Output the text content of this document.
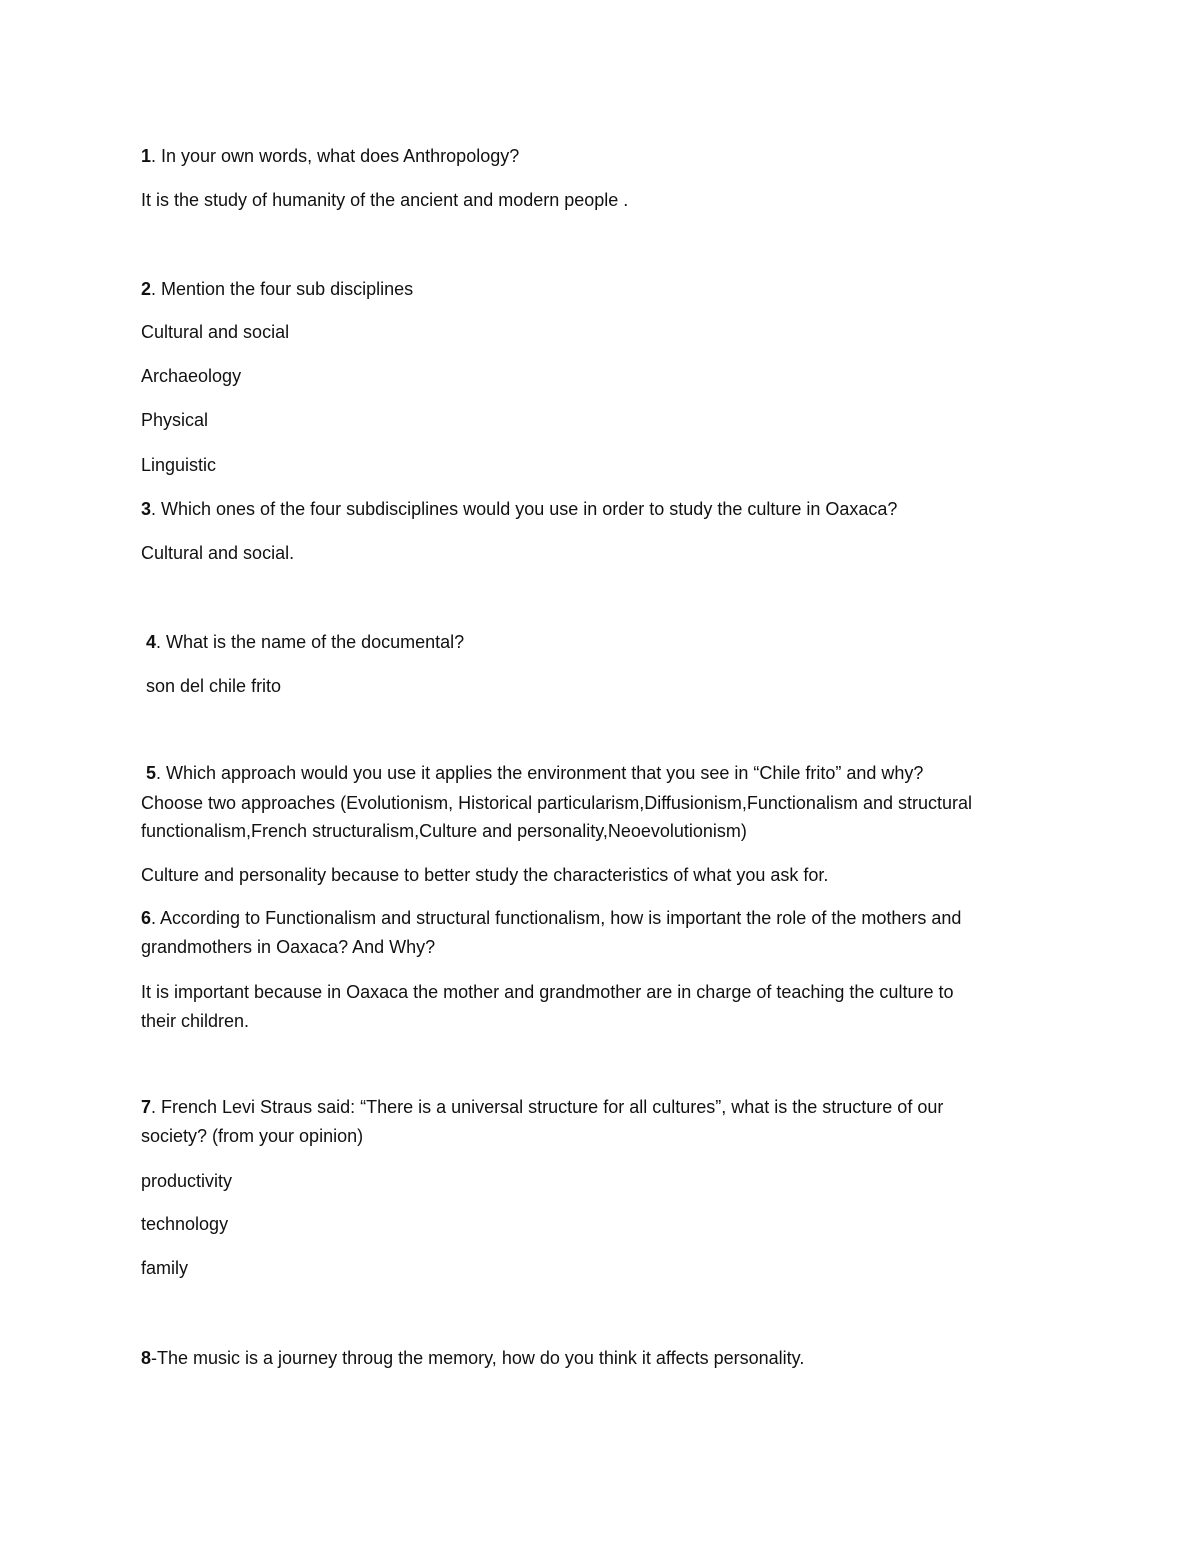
1. In your own words, what does Anthropology?
It is the study of humanity of the ancient and modern people .
2. Mention the four sub disciplines
Cultural and social
Archaeology
Physical
Linguistic
3. Which ones of the four subdisciplines would you use in order to study the culture in Oaxaca?
Cultural and social.
4. What is the name of the documental?
son del chile frito
5. Which approach would you use it applies the environment that you see in “Chile frito” and why?
Choose two approaches (Evolutionism, Historical particularism,Diffusionism,Functionalism and structural
functionalism,French structuralism,Culture and personality,Neoevolutionism)
Culture and personality because to better study the characteristics of what you ask for.
6. According to Functionalism and structural functionalism, how is important the role of the mothers and
grandmothers in Oaxaca? And Why?
It is important because in Oaxaca the mother and grandmother are in charge of teaching the culture to
their children.
7. French Levi Straus said: “There is a universal structure for all cultures”, what is the structure of our
society? (from your opinion)
productivity
technology
family
8-The music is a journey throug the memory, how do you think it affects personality.
